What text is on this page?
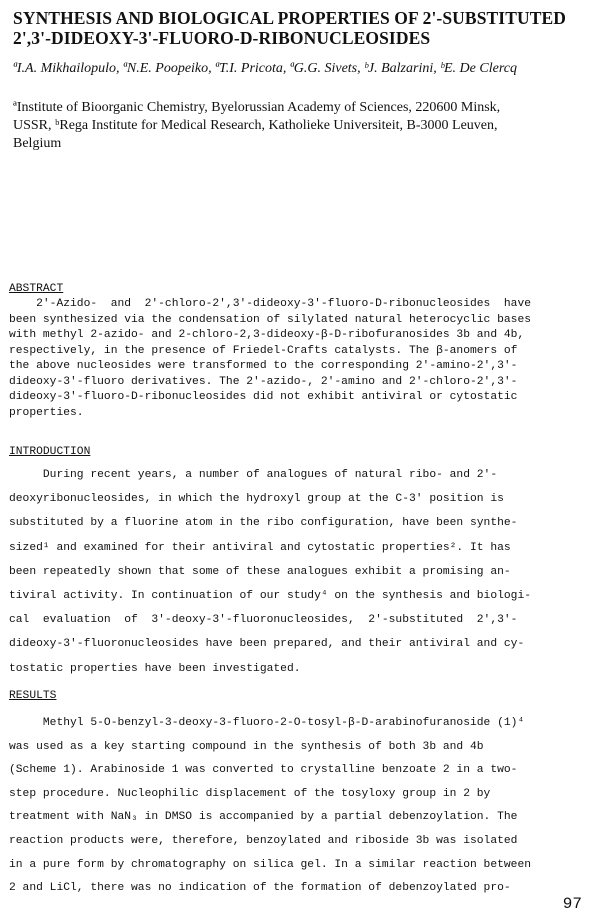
SYNTHESIS AND BIOLOGICAL PROPERTIES OF 2'-SUBSTITUTED
2',3'-DIDEOXY-3'-FLUORO-D-RIBONUCLEOSIDES
ªI.A. Mikhailopulo, ªN.E. Poopeiko, ªT.I. Pricota, ªG.G. Sivets, ᵇJ. Balzarini, ᵇE. De Clercq
ªInstitute of Bioorganic Chemistry, Byelorussian Academy of Sciences, 220600 Minsk,
USSR, ᵇRega Institute for Medical Research, Katholieke Universiteit, B-3000 Leuven,
Belgium
ABSTRACT
2'-Azido-  and  2'-chloro-2',3'-dideoxy-3'-fluoro-D-ribonucleosides  have
been synthesized via the condensation of silylated natural heterocyclic bases
with methyl 2-azido- and 2-chloro-2,3-dideoxy-β-D-ribofuranosides 3b and 4b,
respectively, in the presence of Friedel-Crafts catalysts. The β-anomers of
the above nucleosides were transformed to the corresponding 2'-amino-2',3'-
dideoxy-3'-fluoro derivatives. The 2'-azido-, 2'-amino and 2'-chloro-2',3'-
dideoxy-3'-fluoro-D-ribonucleosides did not exhibit antiviral or cytostatic
properties.
INTRODUCTION
During recent years, a number of analogues of natural ribo- and 2'-
deoxyribonucleosides, in which the hydroxyl group at the C-3' position is
substituted by a fluorine atom in the ribo configuration, have been synthe-
sized¹ and examined for their antiviral and cytostatic properties². It has
been repeatedly shown that some of these analogues exhibit a promising an-
tiviral activity. In continuation of our study⁴ on the synthesis and biologi-
cal  evaluation  of  3'-deoxy-3'-fluoronucleosides,  2'-substituted  2',3'-
dideoxy-3'-fluoronucleosides have been prepared, and their antiviral and cy-
tostatic properties have been investigated.
RESULTS
Methyl 5-O-benzyl-3-deoxy-3-fluoro-2-O-tosyl-β-D-arabinofuranoside (1)⁴
was used as a key starting compound in the synthesis of both 3b and 4b
(Scheme 1). Arabinoside 1 was converted to crystalline benzoate 2 in a two-
step procedure. Nucleophilic displacement of the tosyloxy group in 2 by
treatment with NaN₃ in DMSO is accompanied by a partial debenzoylation. The
reaction products were, therefore, benzoylated and riboside 3b was isolated
in a pure form by chromatography on silica gel. In a similar reaction between
2 and LiCl, there was no indication of the formation of debenzoylated pro-
97
